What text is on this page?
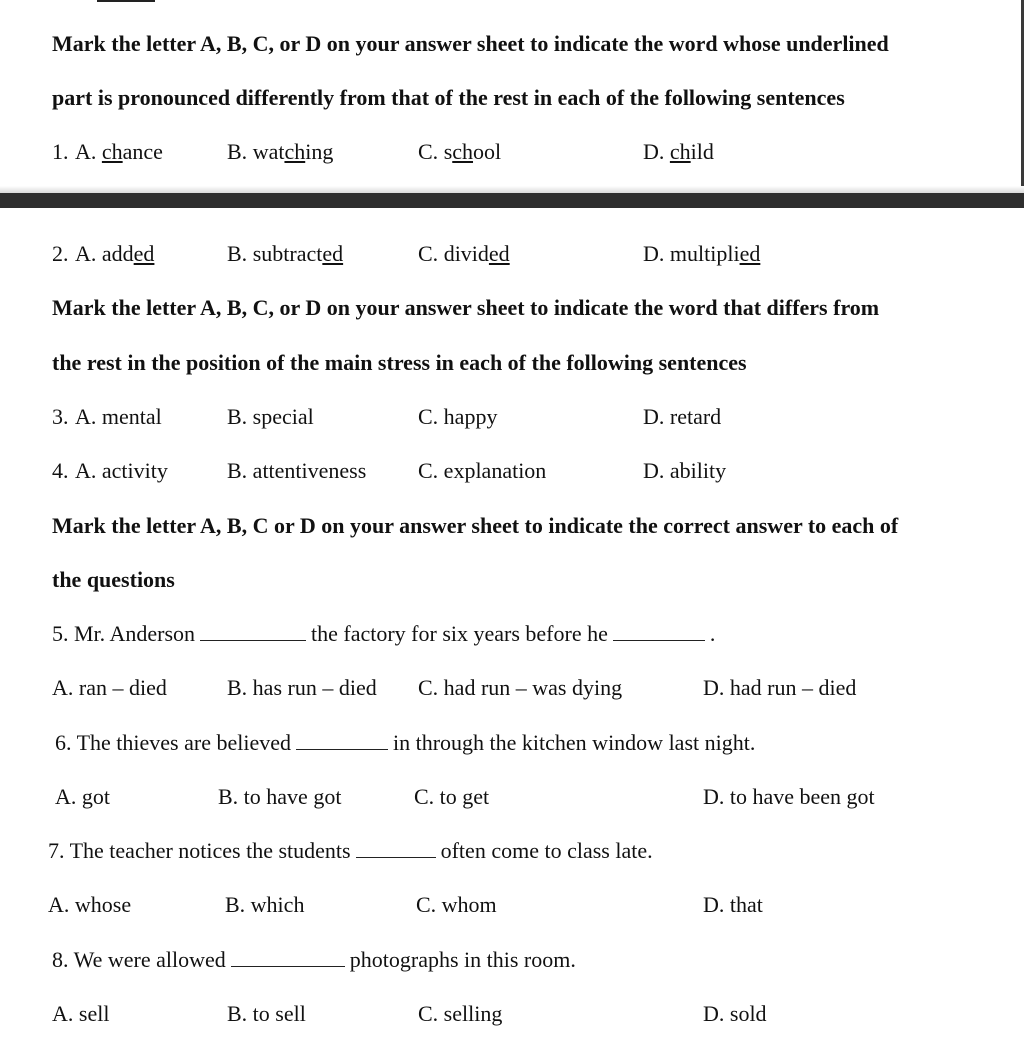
Mark the letter A, B, C, or D on your answer sheet to indicate the word whose underlined
part is pronounced differently from that of the rest in each of the following sentences
1. A. chance	B. watching	C. school	D. child
2. A. added	B. subtracted	C. divided	D. multiplied
Mark the letter A, B, C, or D on your answer sheet to indicate the word that differs from
the rest in the position of the main stress in each of the following sentences
3. A. mental	B. special	C. happy	D. retard
4. A. activity	B. attentiveness C. explanation	D. ability
Mark the letter A, B, C or D on your answer sheet to indicate the correct answer to each of
the questions
5. Mr. Anderson	the factory for six years before he	.
A. ran – died	B. has run – died C. had run – was dying	D. had run – died
6. The thieves are believed	in through the kitchen window last night.
A. got	B. to have got	C. to get	D. to have been got
7. The teacher notices the students	often come to class late.
A. whose	B. which	C. whom	D. that
8. We were allowed	photographs in this room.
A. sell	B. to sell	C. selling	D. sold
